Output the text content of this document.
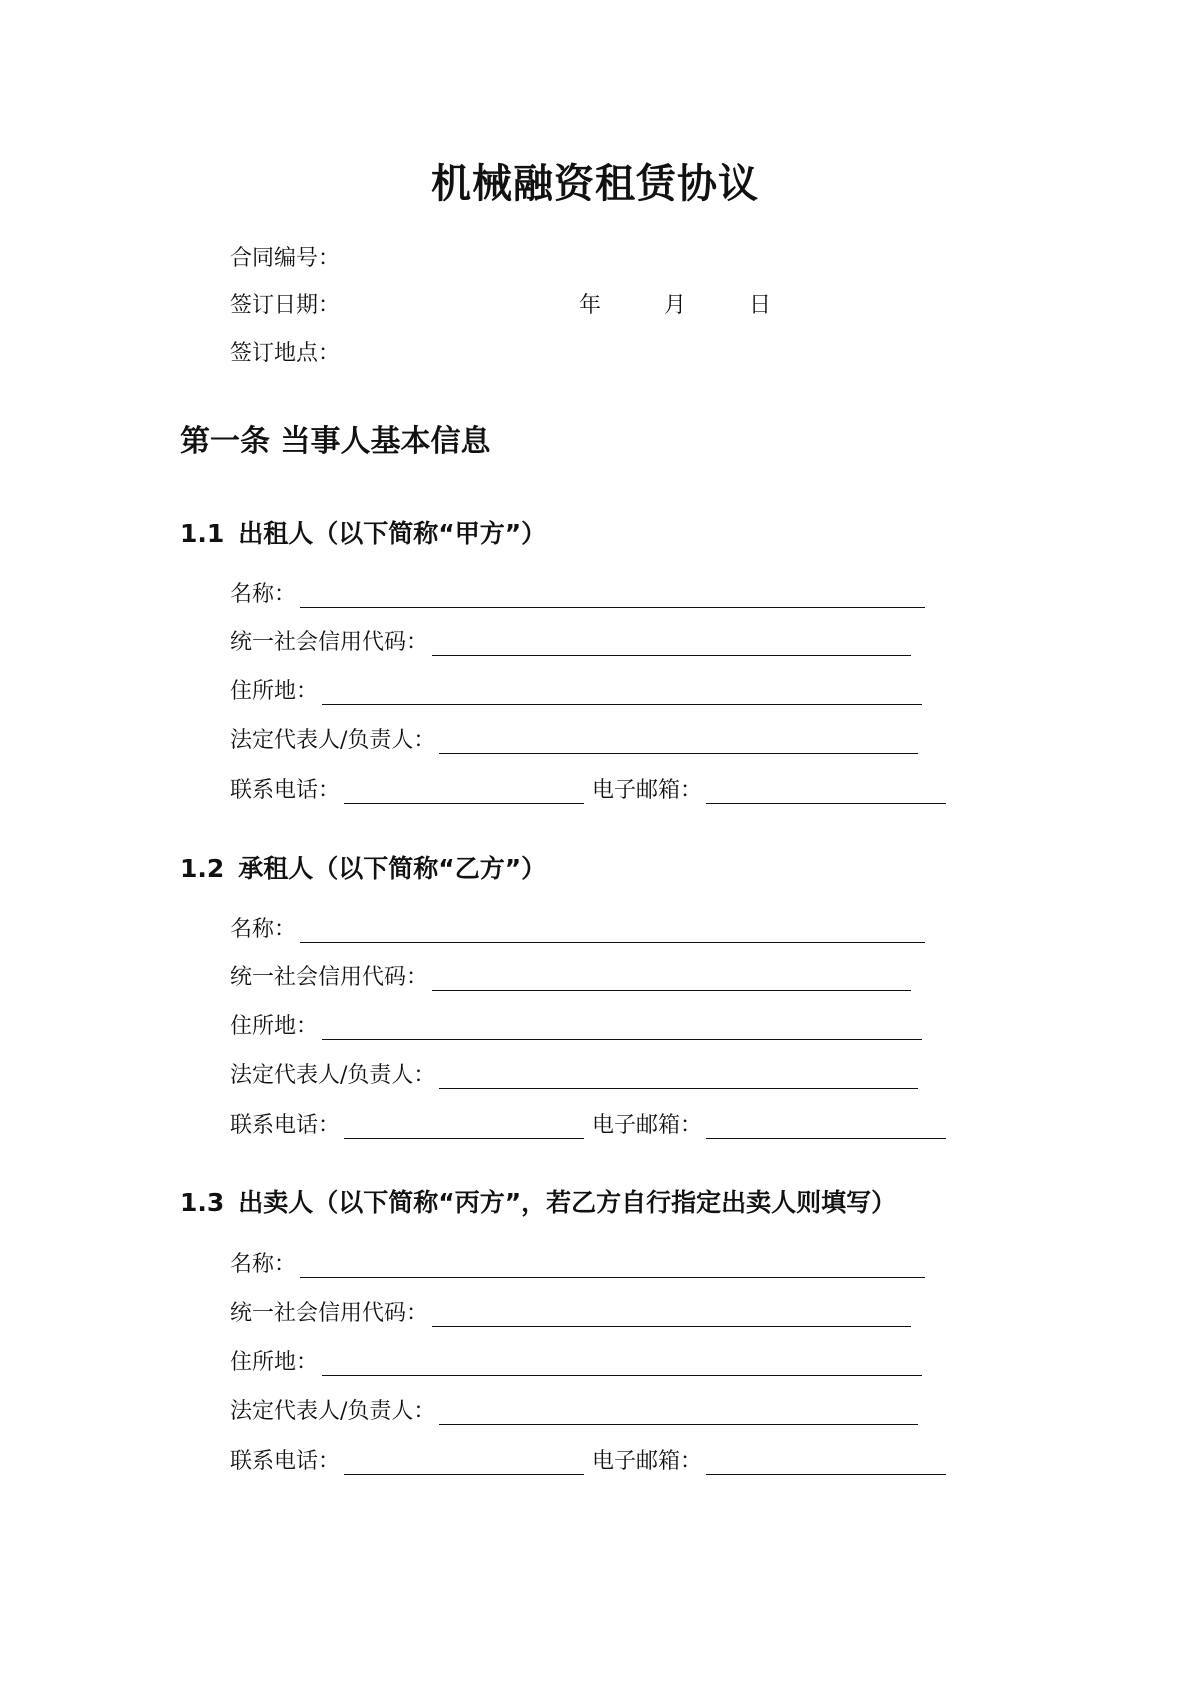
机械融资租赁协议
合同编号：
签订日期：	年	月	日
签订地点：
第一条 当事人基本信息
1.1 出租人（以下简称“甲方”）
名称：
统一社会信用代码：
住所地：
法定代表人/负责人：
联系电话：	电子邮箱：
1.2 承租人（以下简称“乙方”）
名称：
统一社会信用代码：
住所地：
法定代表人/负责人：
联系电话：	电子邮箱：
1.3 出卖人（以下简称“丙方”，若乙方自行指定出卖人则填写）
名称：
统一社会信用代码：
住所地：
法定代表人/负责人：
联系电话：	电子邮箱：
